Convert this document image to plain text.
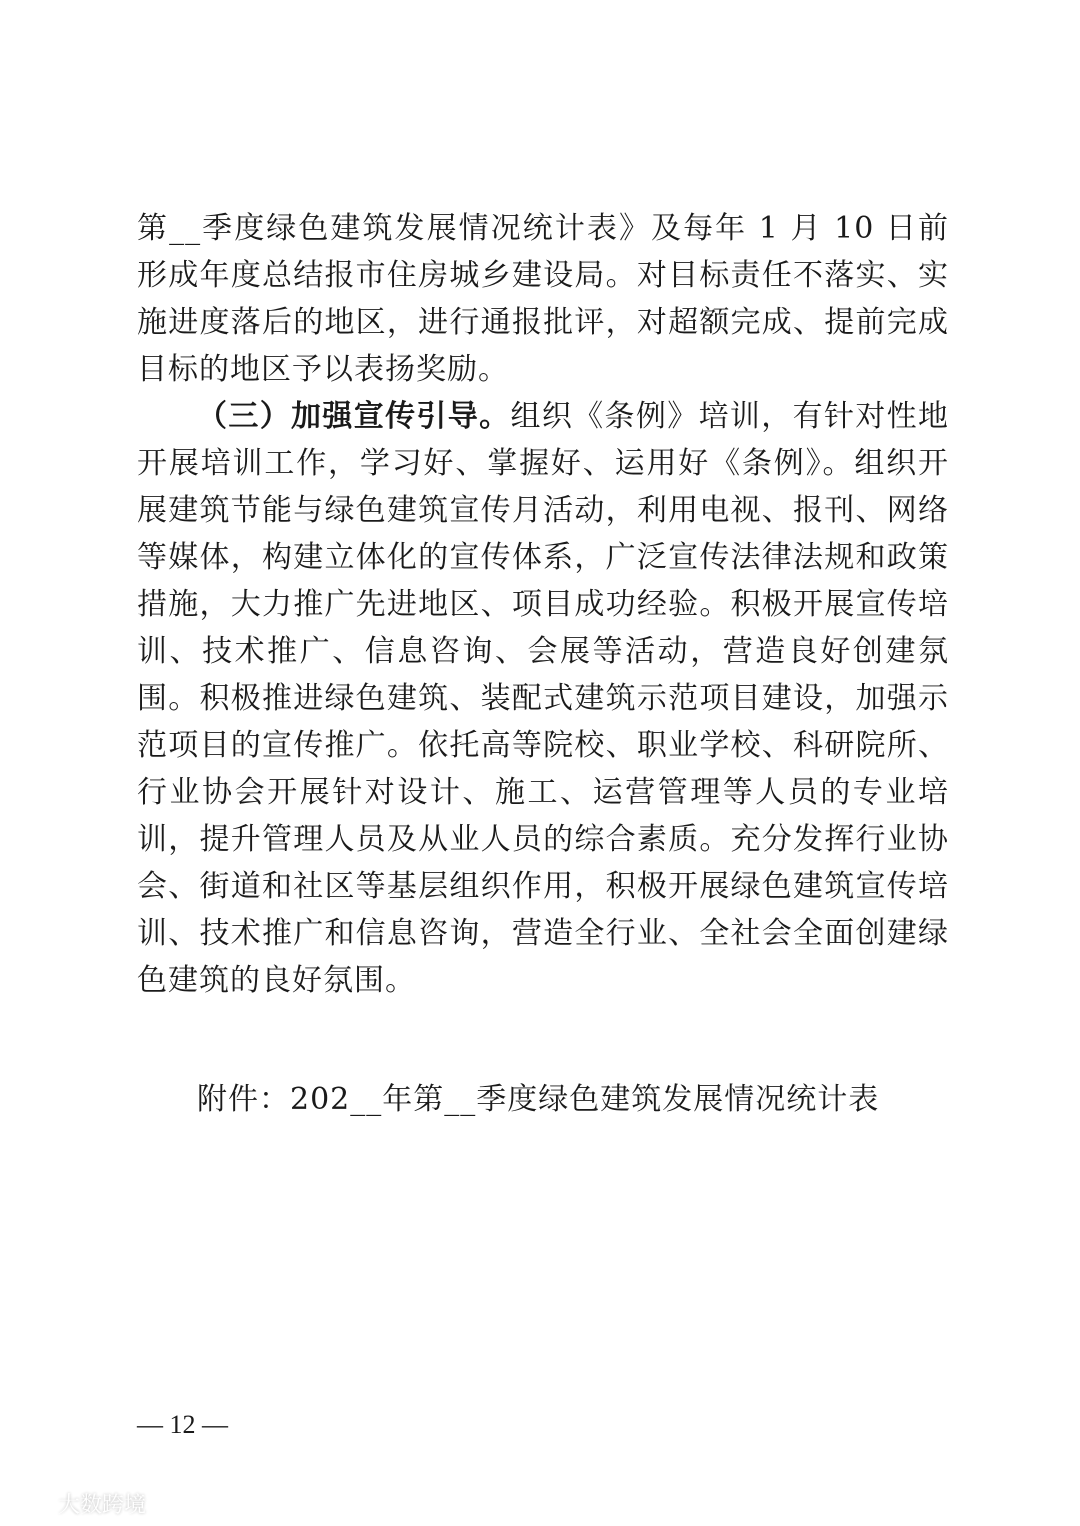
第__季度绿色建筑发展情况统计表》及每年 1 月 10 日前形成年度总结报市住房城乡建设局。对目标责任不落实、实施进度落后的地区，进行通报批评，对超额完成、提前完成目标的地区予以表扬奖励。

（三）加强宣传引导。组织《条例》培训，有针对性地开展培训工作，学习好、掌握好、运用好《条例》。组织开展建筑节能与绿色建筑宣传月活动，利用电视、报刊、网络等媒体，构建立体化的宣传体系，广泛宣传法律法规和政策措施，大力推广先进地区、项目成功经验。积极开展宣传培训、技术推广、信息咨询、会展等活动，营造良好创建氛围。积极推进绿色建筑、装配式建筑示范项目建设，加强示范项目的宣传推广。依托高等院校、职业学校、科研院所、行业协会开展针对设计、施工、运营管理等人员的专业培训，提升管理人员及从业人员的综合素质。充分发挥行业协会、街道和社区等基层组织作用，积极开展绿色建筑宣传培训、技术推广和信息咨询，营造全行业、全社会全面创建绿色建筑的良好氛围。

附件：202__年第__季度绿色建筑发展情况统计表
— 12 —
大数跨境
